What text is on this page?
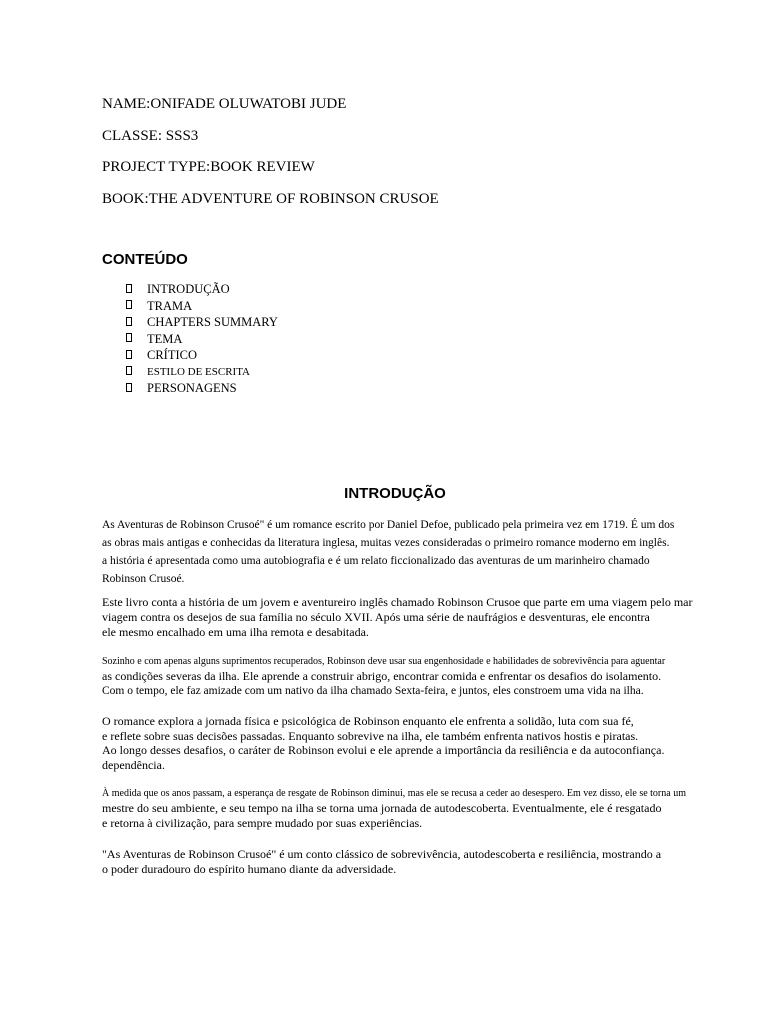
NAME:ONIFADE OLUWATOBI JUDE
CLASSE: SSS3
PROJECT TYPE:BOOK REVIEW
BOOK:THE ADVENTURE OF ROBINSON CRUSOE
CONTEÚDO
INTRODUÇÃO
TRAMA
CHAPTERS SUMMARY
TEMA
CRÍTICO
ESTILO DE ESCRITA
PERSONAGENS
INTRODUÇÃO
As Aventuras de Robinson Crusoé" é um romance escrito por Daniel Defoe, publicado pela primeira vez em 1719. É um dos
as obras mais antigas e conhecidas da literatura inglesa, muitas vezes consideradas o primeiro romance moderno em inglês.
a história é apresentada como uma autobiografia e é um relato ficcionalizado das aventuras de um marinheiro chamado
Robinson Crusoé.
Este livro conta a história de um jovem e aventureiro inglês chamado Robinson Crusoe que parte em uma viagem pelo mar
viagem contra os desejos de sua família no século XVII. Após uma série de naufrágios e desventuras, ele encontra
ele mesmo encalhado em uma ilha remota e desabitada.
Sozinho e com apenas alguns suprimentos recuperados, Robinson deve usar sua engenhosidade e habilidades de sobrevivência para aguentar
as condições severas da ilha. Ele aprende a construir abrigo, encontrar comida e enfrentar os desafios do isolamento.
Com o tempo, ele faz amizade com um nativo da ilha chamado Sexta-feira, e juntos, eles constroem uma vida na ilha.
O romance explora a jornada física e psicológica de Robinson enquanto ele enfrenta a solidão, luta com sua fé,
e reflete sobre suas decisões passadas. Enquanto sobrevive na ilha, ele também enfrenta nativos hostis e piratas.
Ao longo desses desafios, o caráter de Robinson evolui e ele aprende a importância da resiliência e da autoconfiança.
dependência.
À medida que os anos passam, a esperança de resgate de Robinson diminui, mas ele se recusa a ceder ao desespero. Em vez disso, ele se torna um
mestre do seu ambiente, e seu tempo na ilha se torna uma jornada de autodescoberta. Eventualmente, ele é resgatado
e retorna à civilização, para sempre mudado por suas experiências.
"As Aventuras de Robinson Crusoé" é um conto clássico de sobrevivência, autodescoberta e resiliência, mostrando a
o poder duradouro do espírito humano diante da adversidade.
